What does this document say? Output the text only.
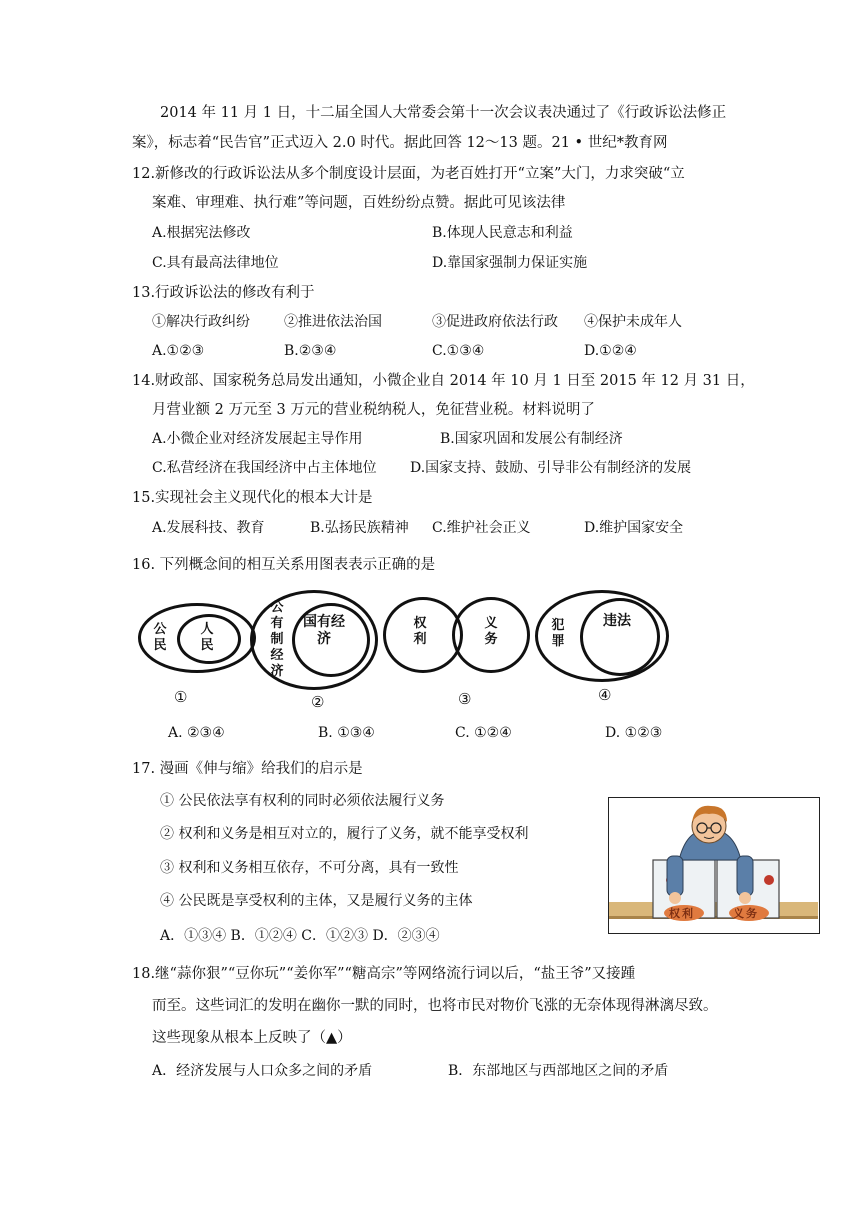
2014 年 11 月 1 日，十二届全国人大常委会第十一次会议表决通过了《行政诉讼法修正
案》，标志着“民告官”正式迈入 2.0 时代。据此回答 12～13 题。21 • 世纪*教育网
12.新修改的行政诉讼法从多个制度设计层面，为老百姓打开“立案”大门，力求突破“立
案难、审理难、执行难”等问题，百姓纷纷点赞。据此可见该法律
A.根据宪法修改	B.体现人民意志和利益
C.具有最高法律地位	D.靠国家强制力保证实施
13.行政诉讼法的修改有利于
①解决行政纠纷 ②推进依法治国	③促进政府依法行政 ④保护未成年人
A.①②③	B.②③④	C.①③④	D.①②④
14.财政部、国家税务总局发出通知，小微企业自 2014 年 10 月 1 日至 2015 年 12 月 31 日，
月营业额 2 万元至 3 万元的营业税纳税人，免征营业税。材料说明了
A.小微企业对经济发展起主导作用	B.国家巩固和发展公有制经济
C.私营经济在我国经济中占主体地位 D.国家支持、鼓励、引导非公有制经济的发展
15.实现社会主义现代化的根本大计是
A.发展科技、教育	B.弘扬民族精神 C.维护社会正义	D.维护国家安全
16. 下列概念间的相互关系用图表表示正确的是
公民
人民
①
公有制经济
国有经济
②
权利
义务
③
犯罪
违法
④
A. ②③④	B. ①③④	C. ①②④	D. ①②③
17. 漫画《伸与缩》给我们的启示是
① 公民依法享有权利的同时必须依法履行义务
② 权利和义务是相互对立的，履行了义务，就不能享受权利
③ 权利和义务相互依存，不可分离，具有一致性
④ 公民既是享受权利的主体，又是履行义务的主体
A．①③④ B．①②④ C．①②③ D．②③④
权利	义务
18.继“蒜你狠”“豆你玩”“姜你军”“糖高宗”等网络流行词以后，“盐王爷”又接踵
而至。这些词汇的发明在幽你一默的同时，也将市民对物价飞涨的无奈体现得淋漓尽致。
这些现象从根本上反映了（▲）
A．经济发展与人口众多之间的矛盾	B．东部地区与西部地区之间的矛盾
